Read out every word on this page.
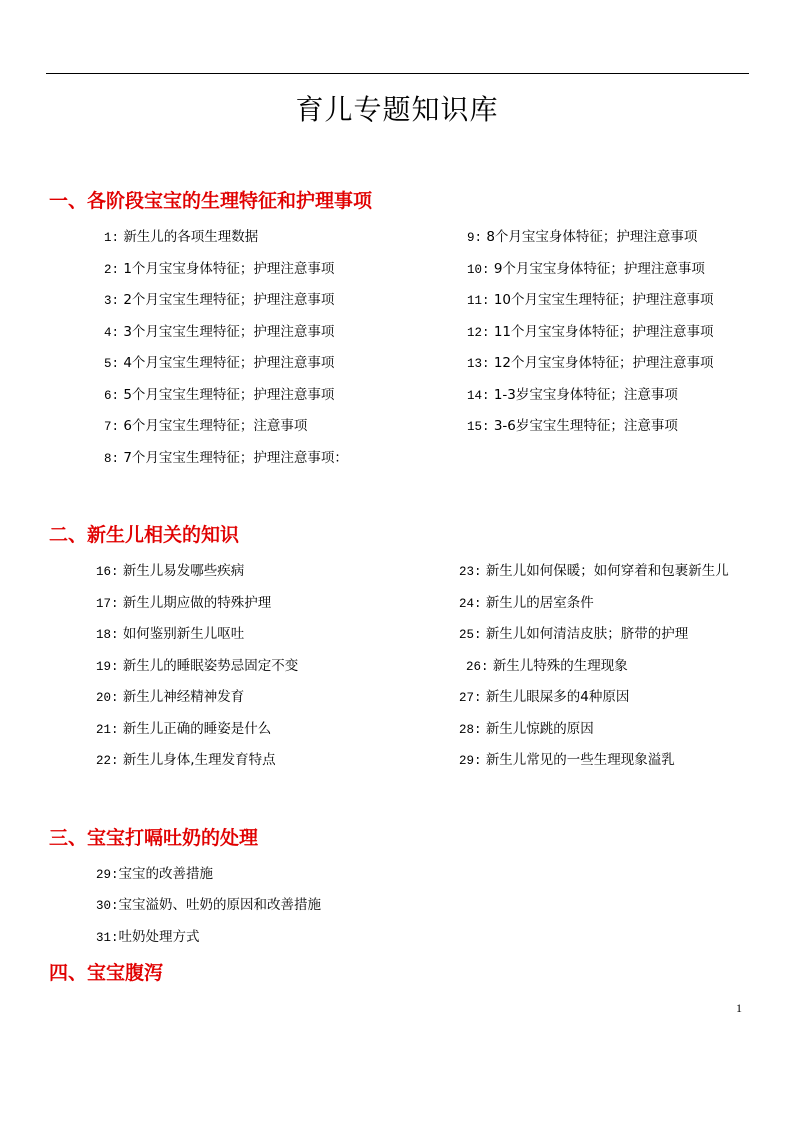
育儿专题知识库
一、各阶段宝宝的生理特征和护理事项
1: 新生儿的各项生理数据
2: 1个月宝宝身体特征；护理注意事项
3: 2个月宝宝生理特征；护理注意事项
4: 3个月宝宝生理特征；护理注意事项
5: 4个月宝宝生理特征；护理注意事项
6: 5个月宝宝生理特征；护理注意事项
7: 6个月宝宝生理特征；注意事项
8: 7个月宝宝生理特征；护理注意事项：
9: 8个月宝宝身体特征；护理注意事项
10: 9个月宝宝身体特征；护理注意事项
11: 10个月宝宝生理特征；护理注意事项
12: 11个月宝宝身体特征；护理注意事项
13: 12个月宝宝身体特征；护理注意事项
14: 1-3岁宝宝身体特征；注意事项
15: 3-6岁宝宝生理特征；注意事项
二、新生儿相关的知识
16: 新生儿易发哪些疾病
17: 新生儿期应做的特殊护理
18: 如何鉴别新生儿呕吐
19: 新生儿的睡眠姿势忌固定不变
20: 新生儿神经精神发育
21: 新生儿正确的睡姿是什么
22: 新生儿身体,生理发育特点
23: 新生儿如何保暖；如何穿着和包裹新生儿
24: 新生儿的居室条件
25: 新生儿如何清洁皮肤；脐带的护理
26: 新生儿特殊的生理现象
27: 新生儿眼屎多的4种原因
28: 新生儿惊跳的原因
29: 新生儿常见的一些生理现象溢乳
三、宝宝打嗝吐奶的处理
29:宝宝的改善措施
30:宝宝溢奶、吐奶的原因和改善措施
31:吐奶处理方式
四、宝宝腹泻
1
